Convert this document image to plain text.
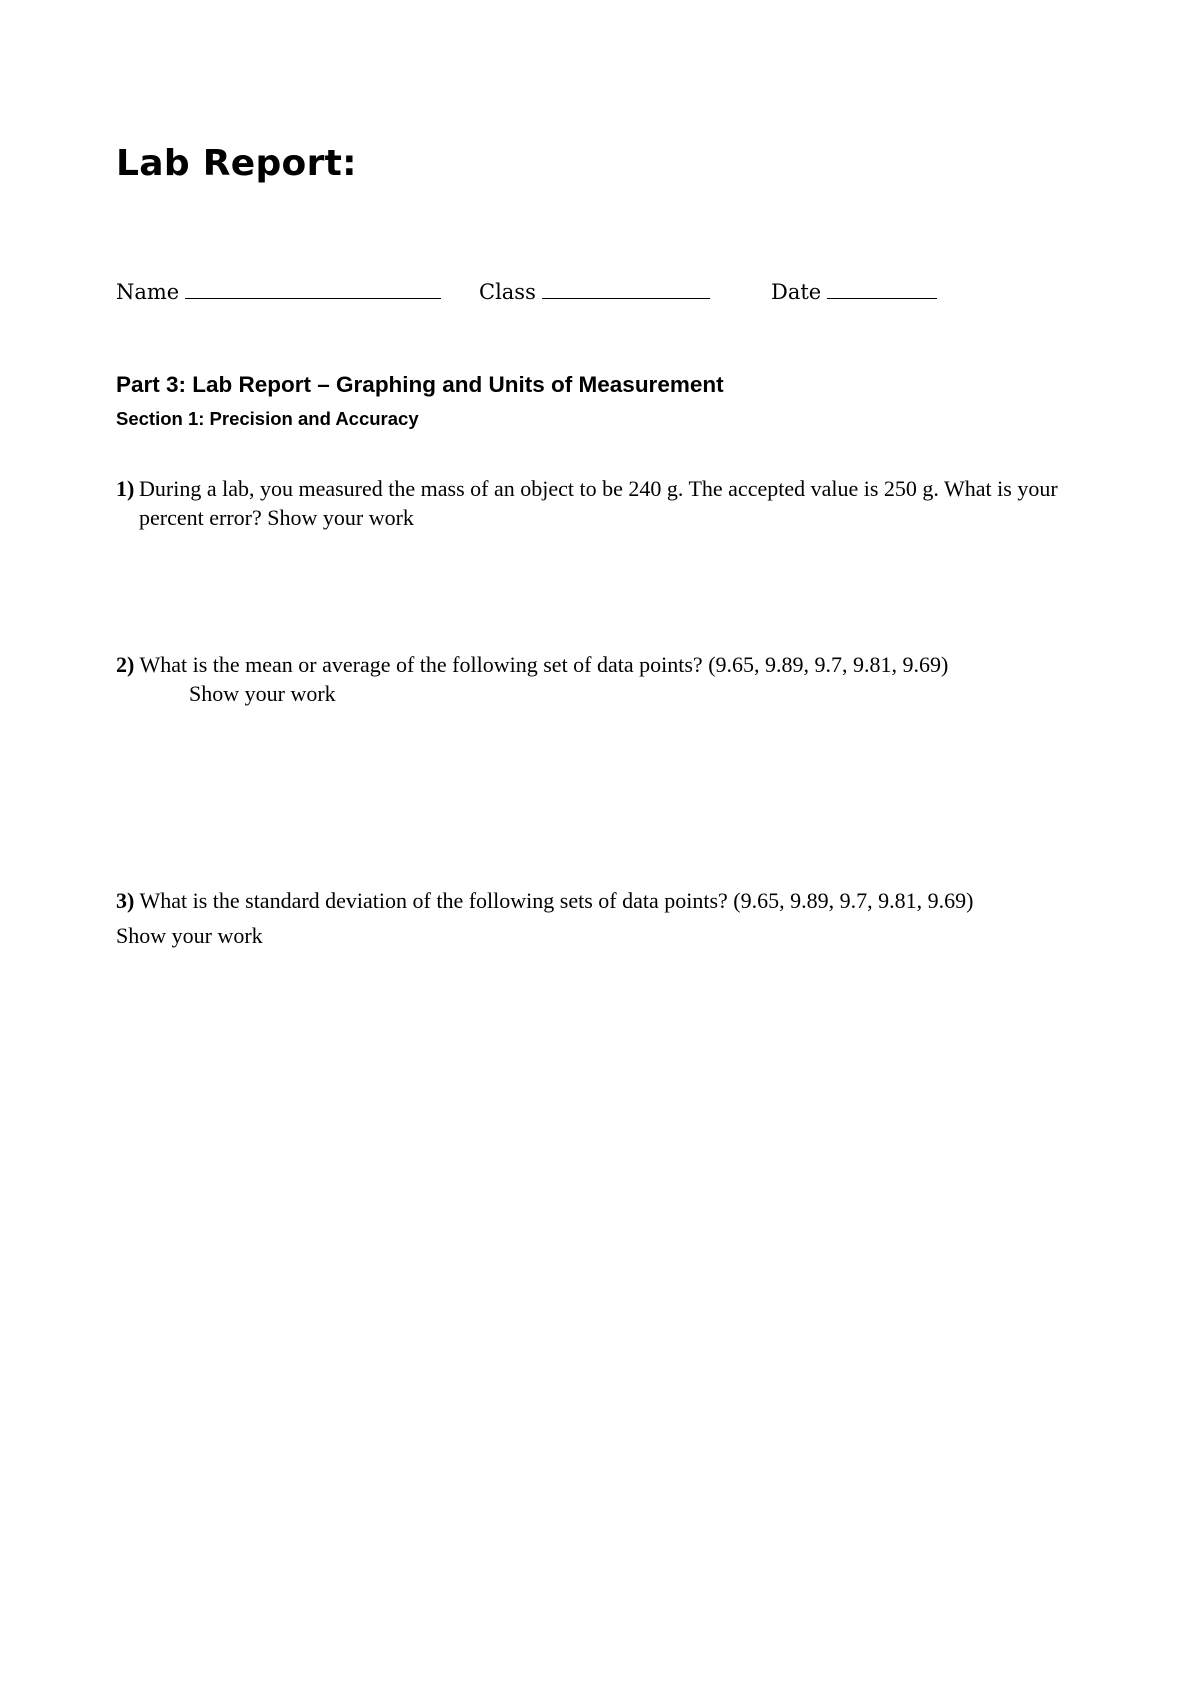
Lab Report:
Name	Class	Date
Part 3: Lab Report – Graphing and Units of Measurement
Section 1: Precision and Accuracy
1) During a lab, you measured the mass of an object to be 240 g. The accepted value is 250 g. What is your percent error? Show your work
2) What is the mean or average of the following set of data points? (9.65, 9.89, 9.7, 9.81, 9.69)
Show your work
3) What is the standard deviation of the following sets of data points? (9.65, 9.89, 9.7, 9.81, 9.69)
Show your work
